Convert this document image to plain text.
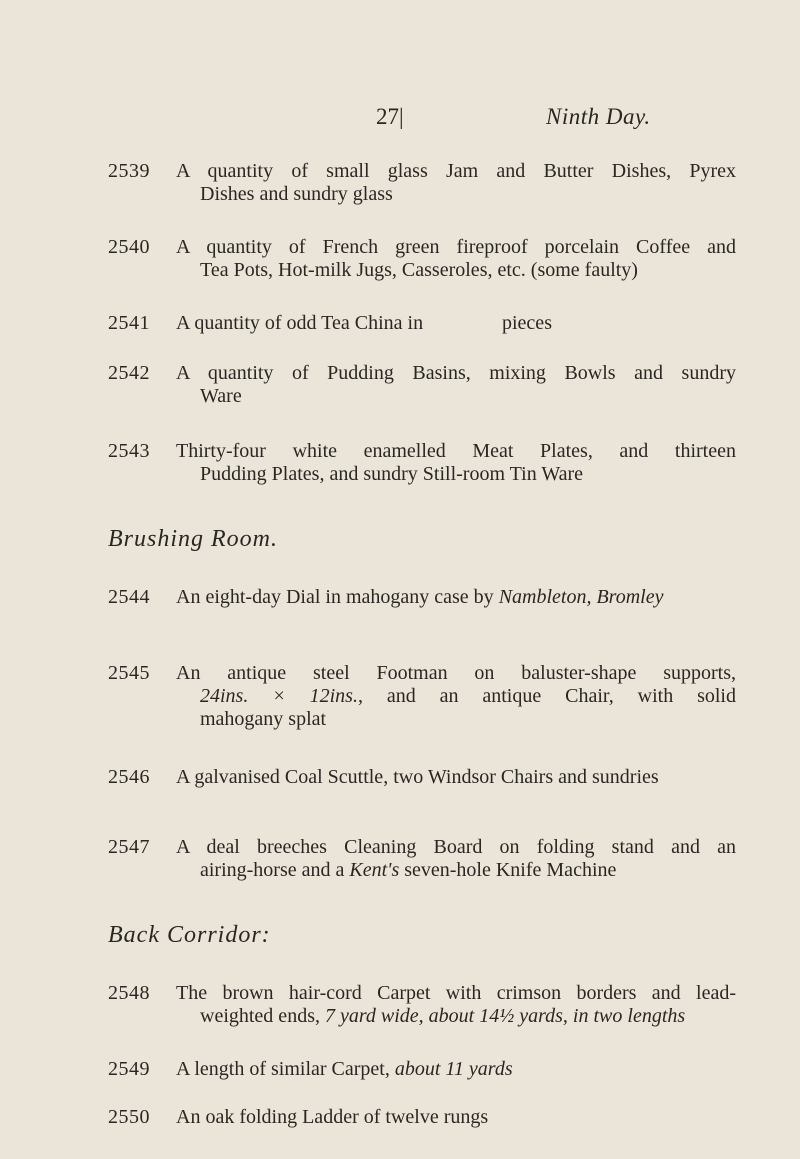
27|	Ninth Day.
2539 A quantity of small glass Jam and Butter Dishes, Pyrex
Dishes and sundry glass
2540 A quantity of French green fireproof porcelain Coffee and
Tea Pots, Hot-milk Jugs, Casseroles, etc. (some faulty)
2541 A quantity of odd Tea China in	pieces
2542 A quantity of Pudding Basins, mixing Bowls and sundry
Ware
2543 Thirty-four white enamelled Meat Plates, and thirteen
Pudding Plates, and sundry Still-room Tin Ware
Brushing Room.
2544 An eight-day Dial in mahogany case by Nambleton, Bromley
2545 An antique steel Footman on baluster-shape supports,
24ins. × 12ins., and an antique Chair, with solid
mahogany splat
2546 A galvanised Coal Scuttle, two Windsor Chairs and sundries
2547 A deal breeches Cleaning Board on folding stand and an
airing-horse and a Kent's seven-hole Knife Machine
Back Corridor:
2548 The brown hair-cord Carpet with crimson borders and lead-
weighted ends, 7 yard wide, about 14½ yards, in two lengths
2549 A length of similar Carpet, about 11 yards
2550 An oak folding Ladder of twelve rungs
